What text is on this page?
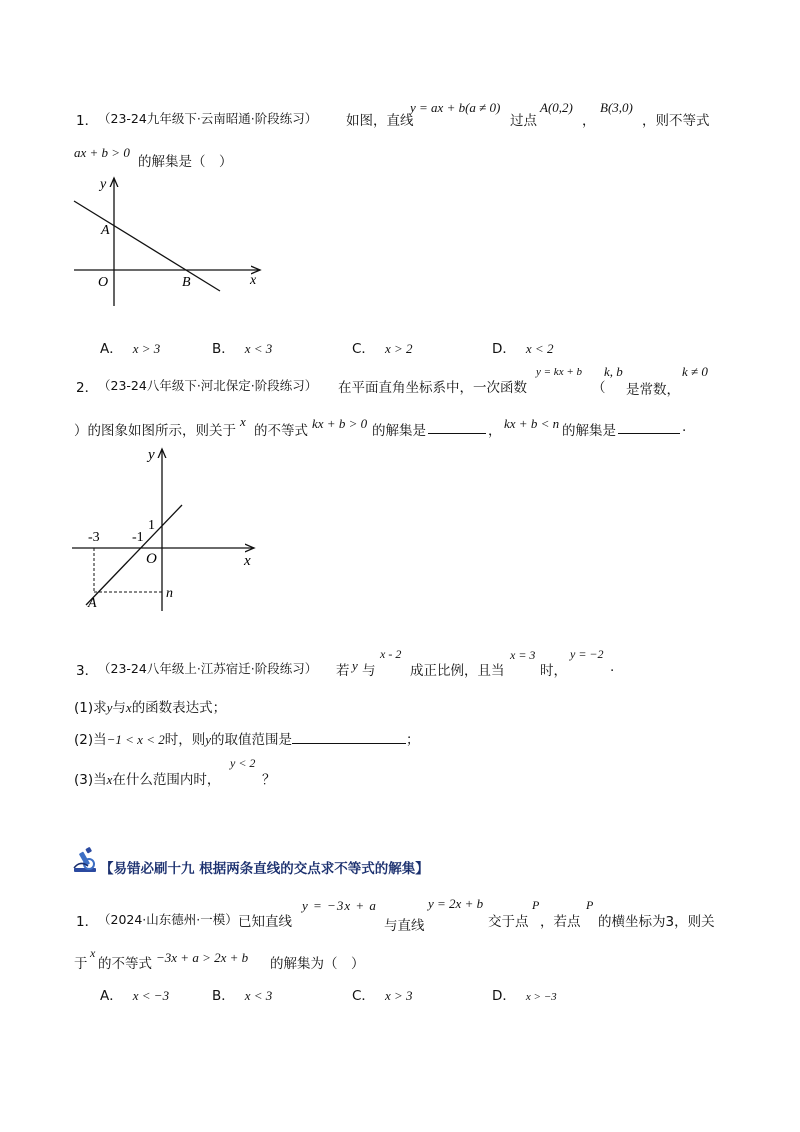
1． （23-24九年级下·云南昭通·阶段练习） 如图，直线
y = ax + b(a ≠ 0)
过点
A(0,2)
，
B(3,0)
，则不等式
ax + b > 0
的解集是（　）
y
A
O	B	x
A． x > 3	B． x < 3	C． x > 2	D． x < 2
2． （23-24八年级下·河北保定·阶段练习） 在平面直角坐标系中，一次函数
y = kx + b
（
k, b
是常数，
k ≠ 0
）的图象如图所示，则关于
x
的不等式 kx + b > 0 的解集是	， kx + b < n 的解集是	.
y
x
O
-3 -1
1
A
n
3． （23-24八年级上·江苏宿迁·阶段练习） 若 y 与
x - 2
成正比例，且当
x = 3
时，
y = −2
.
(1)求y与x的函数表达式；
(2)当−1 < x < 2时，则y的取值范围是	；
(3)当x在什么范围内时，
y < 2
？
【易错必刷十九 根据两条直线的交点求不等式的解集】
1． （2024·山东德州·一模） 已知直线
y = −3x + a
与直线
y = 2x + b
交于点
P
，若点
P
的横坐标为3，则关
于
x
的不等式 −3x + a > 2x + b 的解集为（　）
A． x < −3	B． x < 3	C． x > 3	D． x > −3
